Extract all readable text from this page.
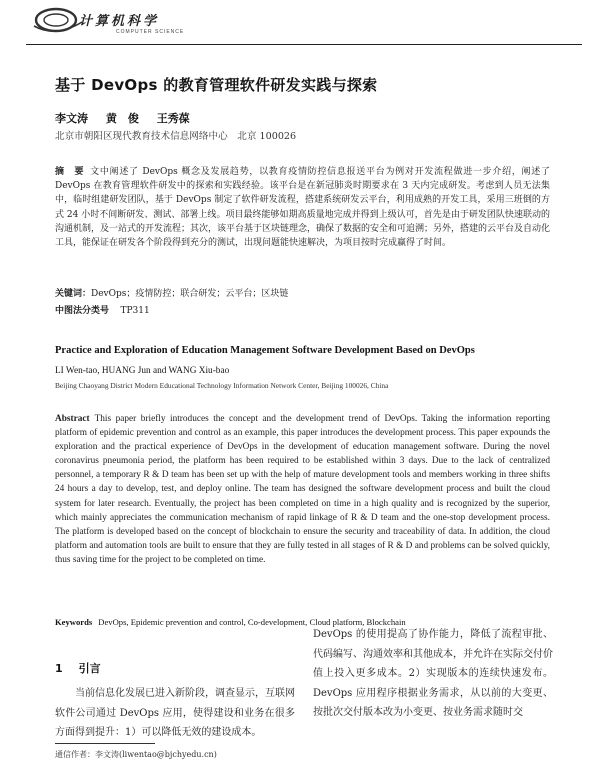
计算机科学
COMPUTER SCIENCE
基于 DevOps 的教育管理软件研发实践与探索
李文涛 黄　俊 王秀葆
北京市朝阳区现代教育技术信息网络中心　北京 100026
摘　要 文中阐述了 DevOps 概念及发展趋势，以教育疫情防控信息报送平台为例对开发流程做进一步介绍，阐述了 DevOps 在教育管理软件研发中的探索和实践经验。该平台是在新冠肺炎时期要求在 3 天内完成研发。考虑到人员无法集中，临时组建研发团队，基于 DevOps 制定了软件研发流程，搭建系统研发云平台，利用成熟的开发工具，采用三班倒的方式 24 小时不间断研发、测试、部署上线。项目最终能够如期高质量地完成并得到上级认可，首先是由于研发团队快速联动的沟通机制，及一站式的开发流程；其次，该平台基于区块链理念，确保了数据的安全和可追溯；另外，搭建的云平台及自动化工具，能保证在研发各个阶段得到充分的测试，出现问题能快速解决，为项目按时完成赢得了时间。
关键词：DevOps；疫情防控；联合研发；云平台；区块链
中图法分类号 TP311
Practice and Exploration of Education Management Software Development Based on DevOps
LI Wen-tao, HUANG Jun and WANG Xiu-bao
Beijing Chaoyang District Modern Educational Technology Information Network Center, Beijing 100026, China
Abstract This paper briefly introduces the concept and the development trend of DevOps. Taking the information reporting platform of epidemic prevention and control as an example, this paper introduces the development process. This paper expounds the exploration and the practical experience of DevOps in the development of education management software. During the novel coronavirus pneumonia period, the platform has been required to be established within 3 days. Due to the lack of centralized personnel, a temporary R & D team has been set up with the help of mature development tools and members working in three shifts 24 hours a day to develop, test, and deploy online. The team has designed the software development process and built the cloud system for later research. Eventually, the project has been completed on time in a high quality and is recognized by the superior, which mainly appreciates the communication mechanism of rapid linkage of R & D team and the one-stop development process. The platform is developed based on the concept of blockchain to ensure the security and traceability of data. In addition, the cloud platform and automation tools are built to ensure that they are fully tested in all stages of R & D and problems can be solved quickly, thus saving time for the project to be completed on time.
Keywords DevOps, Epidemic prevention and control, Co-development, Cloud platform, Blockchain
1 引言
当前信息化发展已进入新阶段，调查显示，互联网软件公司通过 DevOps 应用，使得建设和业务在很多方面得到提升：1）可以降低无效的建设成本。
DevOps 的使用提高了协作能力，降低了流程审批、代码编写、沟通效率和其他成本，并允许在实际交付价值上投入更多成本。2）实现版本的连续快速发布。DevOps 应用程序根据业务需求，从以前的大变更、按批次交付版本改为小变更、按业务需求随时交
通信作者：李文涛(liwentao@bjchyedu.cn)
